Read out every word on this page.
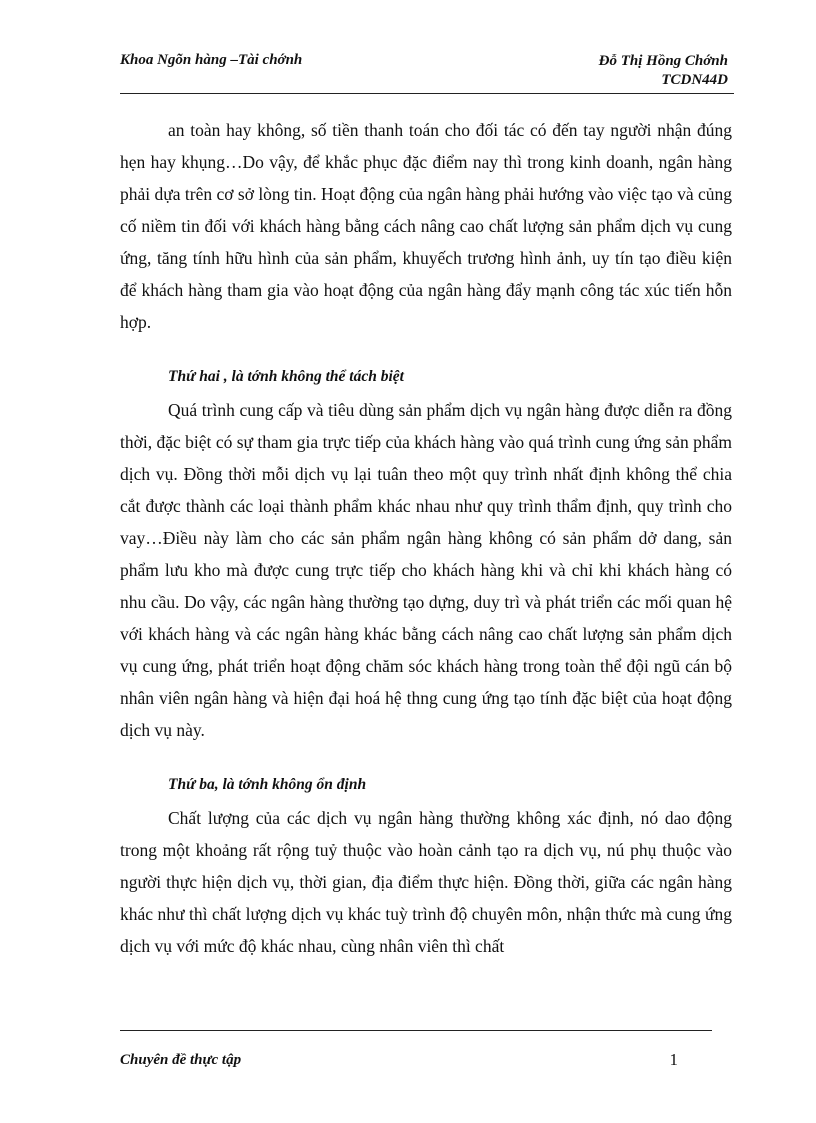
Khoa Ngõn hàng –Tài chớnh	Đỗ Thị Hồng Chớnh
TCDN44D

an toàn hay không, số tiền thanh toán cho đối tác có đến tay người nhận đúng hẹn hay khụng…Do vậy, để khắc phục đặc điểm nay thì trong kinh doanh, ngân hàng phải dựa trên cơ sở lòng tin. Hoạt động của ngân hàng phải hướng vào việc tạo và củng cố niềm tin đối với khách hàng bằng cách nâng cao chất lượng sản phẩm dịch vụ cung ứng, tăng tính hữu hình của sản phẩm, khuyếch trương hình ảnh, uy tín tạo điều kiện để khách hàng tham gia vào hoạt động của ngân hàng đẩy mạnh công tác xúc tiến hỗn hợp.

Thứ hai , là tớnh không thể tách biệt

Quá trình cung cấp và tiêu dùng sản phẩm dịch vụ ngân hàng được diễn ra đồng thời, đặc biệt có sự tham gia trực tiếp của khách hàng vào quá trình cung ứng sản phẩm dịch vụ. Đồng thời mỗi dịch vụ lại tuân theo một quy trình nhất định không thể chia cắt được thành các loại thành phẩm khác nhau như quy trình thẩm định, quy trình cho vay…Điều này làm cho các sản phẩm ngân hàng không có sản phẩm dở dang, sản phẩm lưu kho mà được cung trực tiếp cho khách hàng khi và chỉ khi khách hàng có nhu cầu. Do vậy, các ngân hàng thường tạo dựng, duy trì và phát triển các mối quan hệ với khách hàng và các ngân hàng khác bằng cách nâng cao chất lượng sản phẩm dịch vụ cung ứng, phát triển hoạt động chăm sóc khách hàng trong toàn thể đội ngũ cán bộ nhân viên ngân hàng và hiện đại hoá hệ thng cung ứng tạo tính đặc biệt của hoạt động dịch vụ này.

Thứ ba, là tớnh không ổn định

Chất lượng của các dịch vụ ngân hàng thường không xác định, nó dao động trong một khoảng rất rộng tuỷ thuộc vào hoàn cảnh tạo ra dịch vụ, nú phụ thuộc vào người thực hiện dịch vụ, thời gian, địa điểm thực hiện. Đồng thời, giữa các ngân hàng khác như thì chất lượng dịch vụ khác tuỳ trình độ chuyên môn, nhận thức mà cung ứng dịch vụ với mức độ khác nhau, cùng nhân viên thì chất

Chuyên đề thực tập	1
